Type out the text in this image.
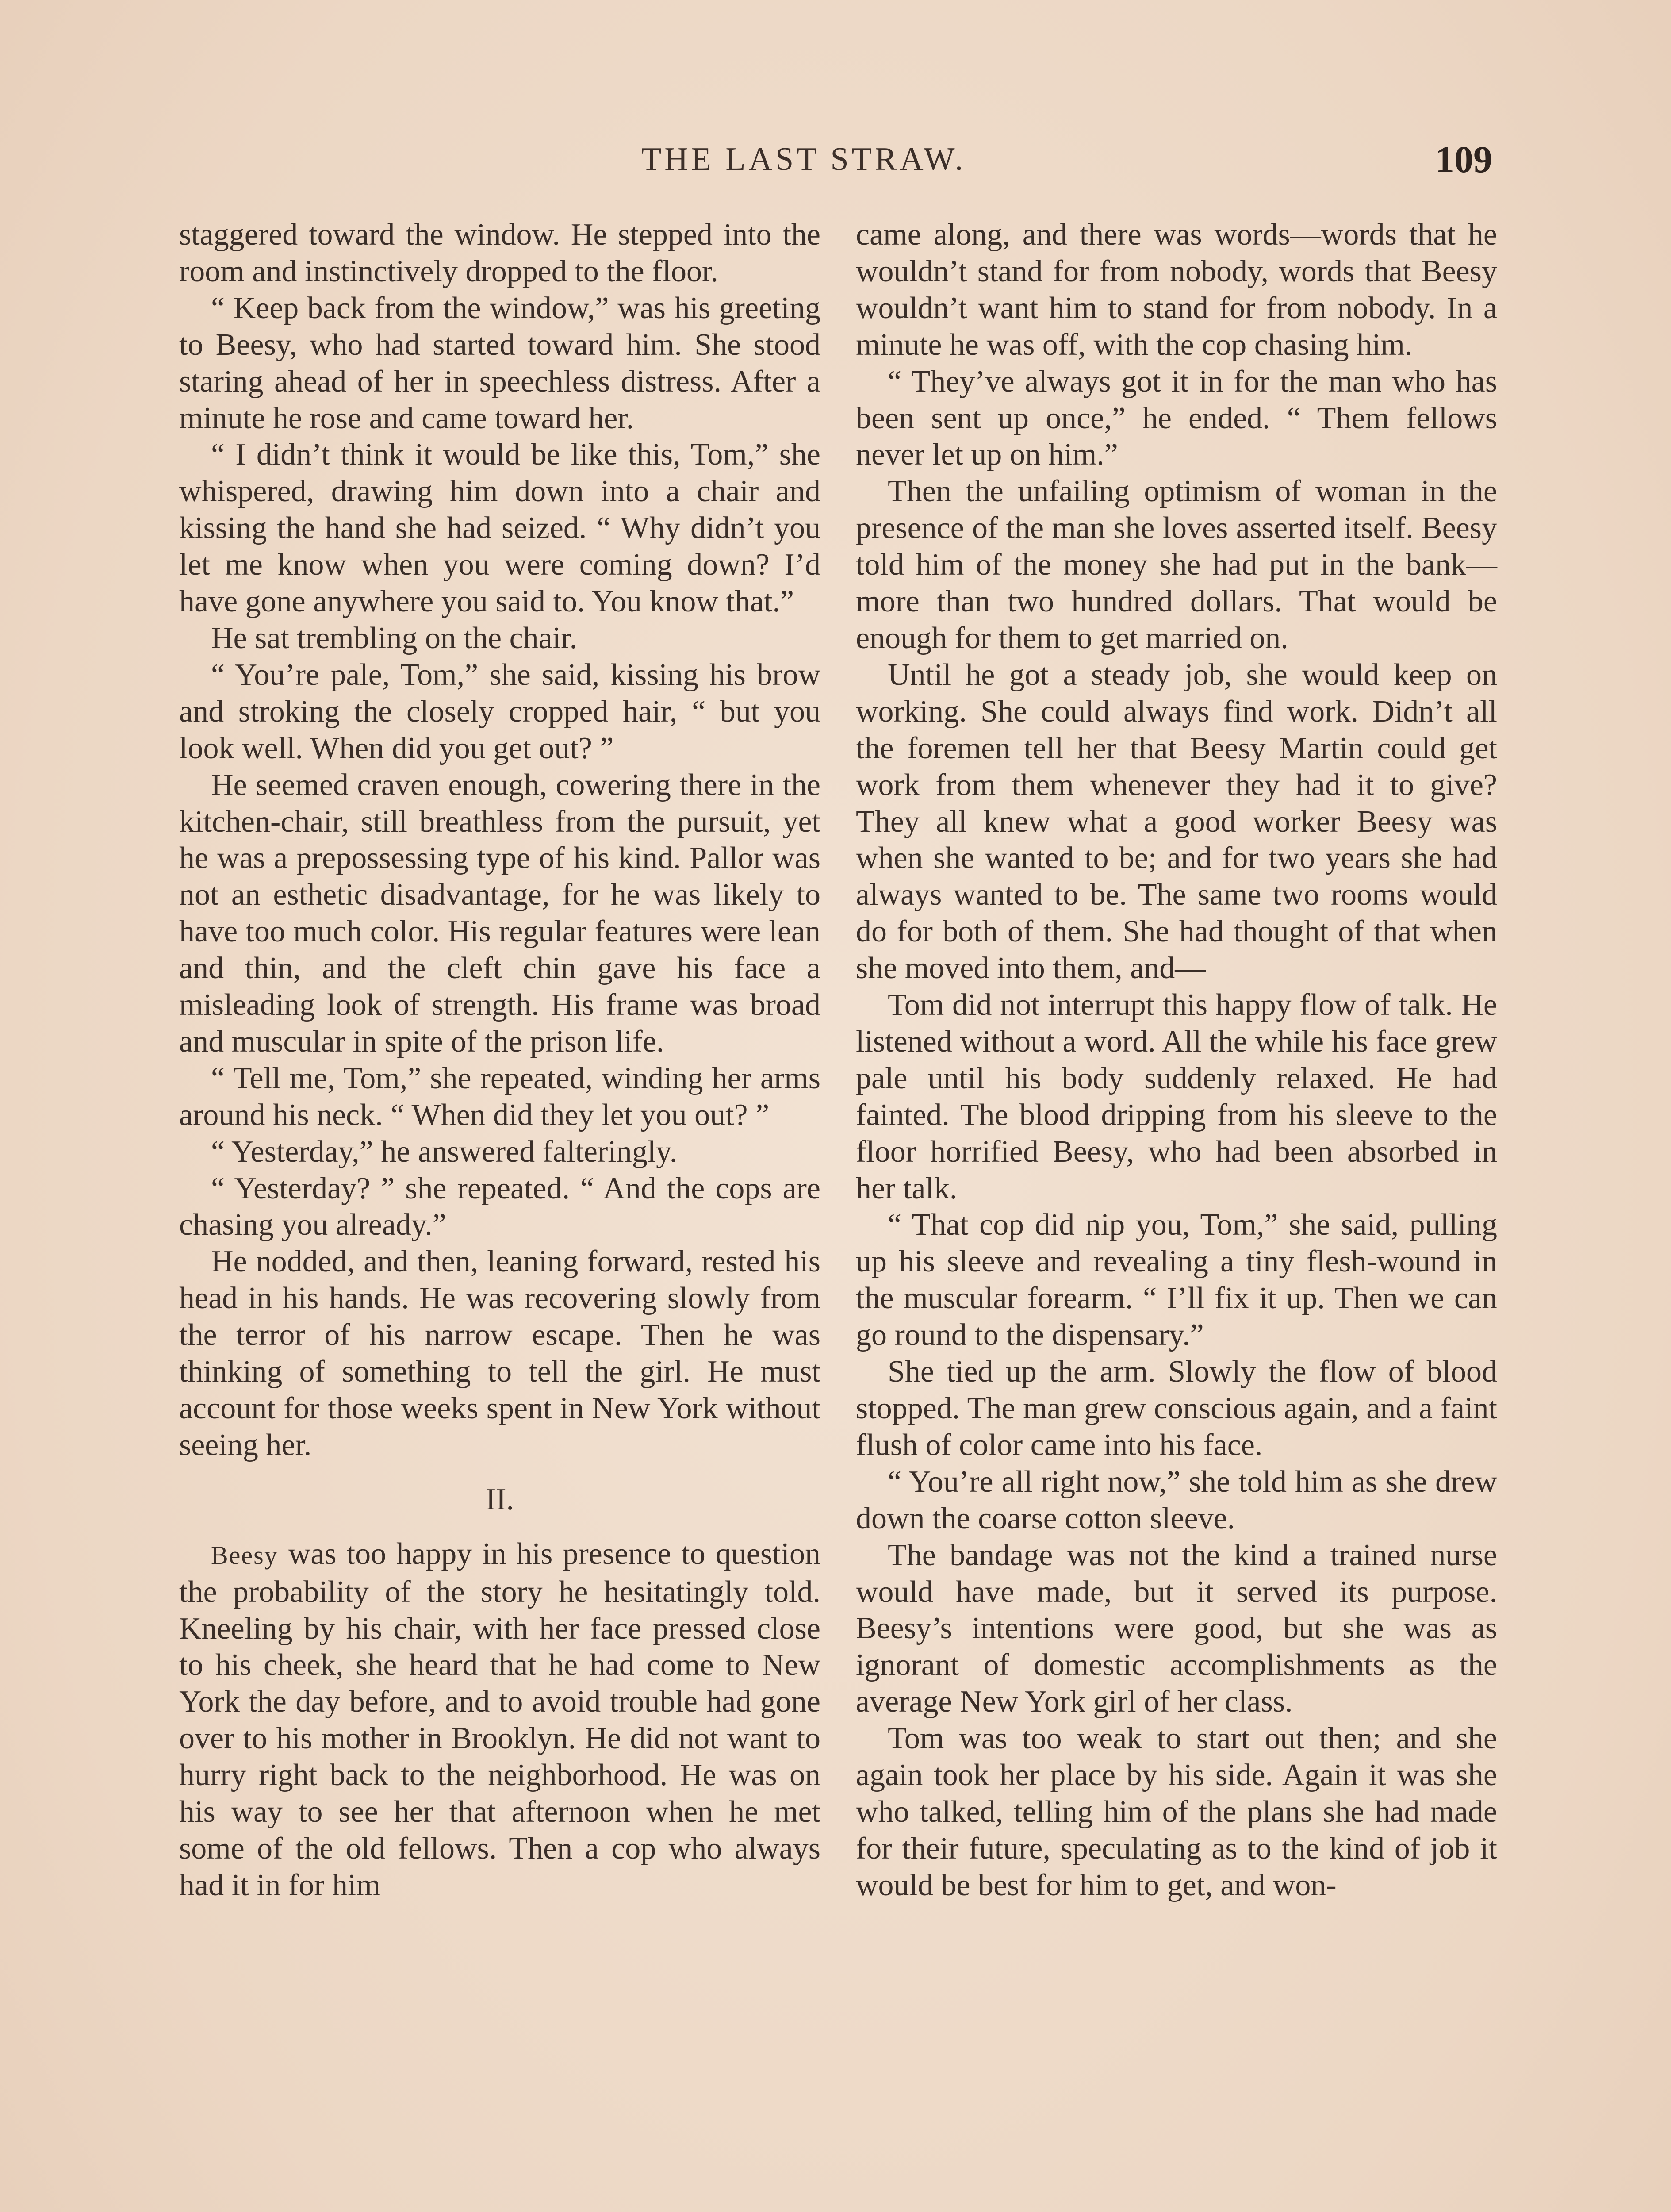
THE LAST STRAW.	109

staggered toward the window. He stepped into the room and instinctively dropped to the floor.

“ Keep back from the window,” was his greeting to Beesy, who had started toward him. She stood staring ahead of her in speechless distress. After a minute he rose and came toward her.

“ I didn’t think it would be like this, Tom,” she whispered, drawing him down into a chair and kissing the hand she had seized. “ Why didn’t you let me know when you were coming down? I’d have gone anywhere you said to. You know that.”

He sat trembling on the chair.

“ You’re pale, Tom,” she said, kissing his brow and stroking the closely cropped hair, “ but you look well. When did you get out? ”

He seemed craven enough, cowering there in the kitchen-chair, still breathless from the pursuit, yet he was a prepossessing type of his kind. Pallor was not an esthetic disadvantage, for he was likely to have too much color. His regular features were lean and thin, and the cleft chin gave his face a misleading look of strength. His frame was broad and muscular in spite of the prison life.

“ Tell me, Tom,” she repeated, winding her arms around his neck. “ When did they let you out? ”

“ Yesterday,” he answered falteringly.

“ Yesterday? ” she repeated. “ And the cops are chasing you already.”

He nodded, and then, leaning forward, rested his head in his hands. He was recovering slowly from the terror of his narrow escape. Then he was thinking of something to tell the girl. He must account for those weeks spent in New York without seeing her.

II.

Beesy was too happy in his presence to question the probability of the story he hesitatingly told. Kneeling by his chair, with her face pressed close to his cheek, she heard that he had come to New York the day before, and to avoid trouble had gone over to his mother in Brooklyn. He did not want to hurry right back to the neighborhood. He was on his way to see her that afternoon when he met some of the old fellows. Then a cop who always had it in for him

came along, and there was words—words that he wouldn’t stand for from nobody, words that Beesy wouldn’t want him to stand for from nobody. In a minute he was off, with the cop chasing him.

“ They’ve always got it in for the man who has been sent up once,” he ended. “ Them fellows never let up on him.”

Then the unfailing optimism of woman in the presence of the man she loves asserted itself. Beesy told him of the money she had put in the bank—more than two hundred dollars. That would be enough for them to get married on.

Until he got a steady job, she would keep on working. She could always find work. Didn’t all the foremen tell her that Beesy Martin could get work from them whenever they had it to give? They all knew what a good worker Beesy was when she wanted to be; and for two years she had always wanted to be. The same two rooms would do for both of them. She had thought of that when she moved into them, and—

Tom did not interrupt this happy flow of talk. He listened without a word. All the while his face grew pale until his body suddenly relaxed. He had fainted. The blood dripping from his sleeve to the floor horrified Beesy, who had been absorbed in her talk.

“ That cop did nip you, Tom,” she said, pulling up his sleeve and revealing a tiny flesh-wound in the muscular forearm. “ I’ll fix it up. Then we can go round to the dispensary.”

She tied up the arm. Slowly the flow of blood stopped. The man grew conscious again, and a faint flush of color came into his face.

“ You’re all right now,” she told him as she drew down the coarse cotton sleeve.

The bandage was not the kind a trained nurse would have made, but it served its purpose. Beesy’s intentions were good, but she was as ignorant of domestic accomplishments as the average New York girl of her class.

Tom was too weak to start out then; and she again took her place by his side. Again it was she who talked, telling him of the plans she had made for their future, speculating as to the kind of job it would be best for him to get, and won-
